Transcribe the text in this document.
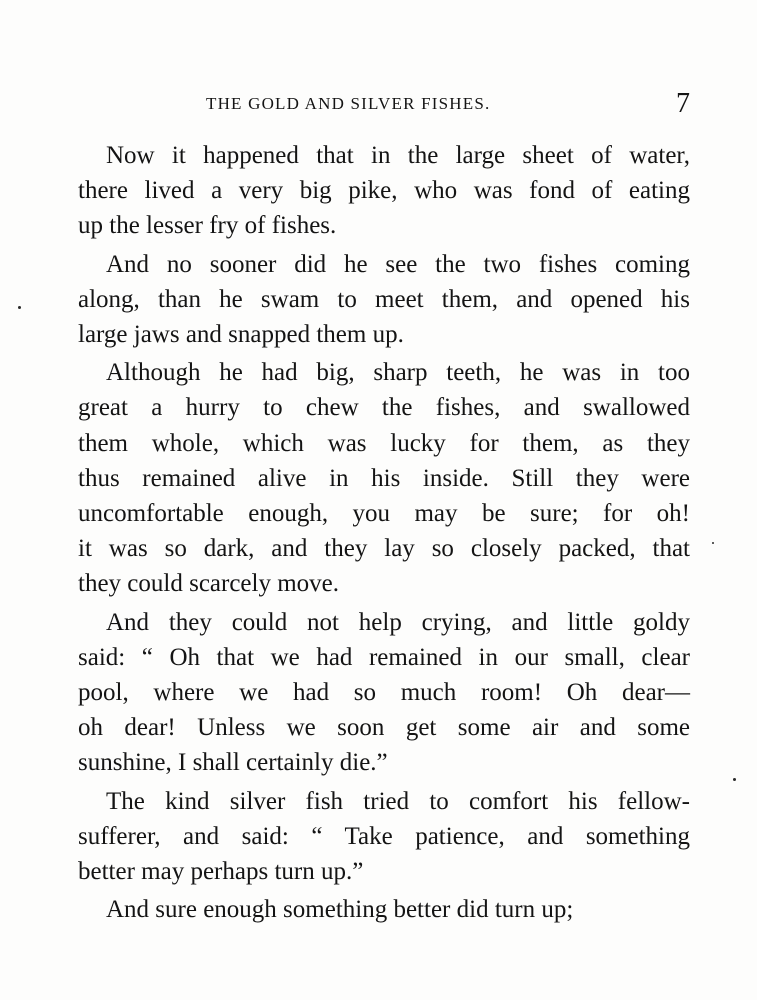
THE GOLD AND SILVER FISHES.	7

Now it happened that in the large sheet of water,
there lived a very big pike, who was fond of eating
up the lesser fry of fishes.

And no sooner did he see the two fishes coming
along, than he swam to meet them, and opened his
large jaws and snapped them up.

Although he had big, sharp teeth, he was in too
great a hurry to chew the fishes, and swallowed
them whole, which was lucky for them, as they
thus remained alive in his inside. Still they were
uncomfortable enough, you may be sure; for oh!
it was so dark, and they lay so closely packed, that
they could scarcely move.

And they could not help crying, and little goldy
said: “ Oh that we had remained in our small, clear
pool, where we had so much room! Oh dear—
oh dear! Unless we soon get some air and some
sunshine, I shall certainly die.”

The kind silver fish tried to comfort his fellow-
sufferer, and said: “ Take patience, and something
better may perhaps turn up.”

And sure enough something better did turn up;
